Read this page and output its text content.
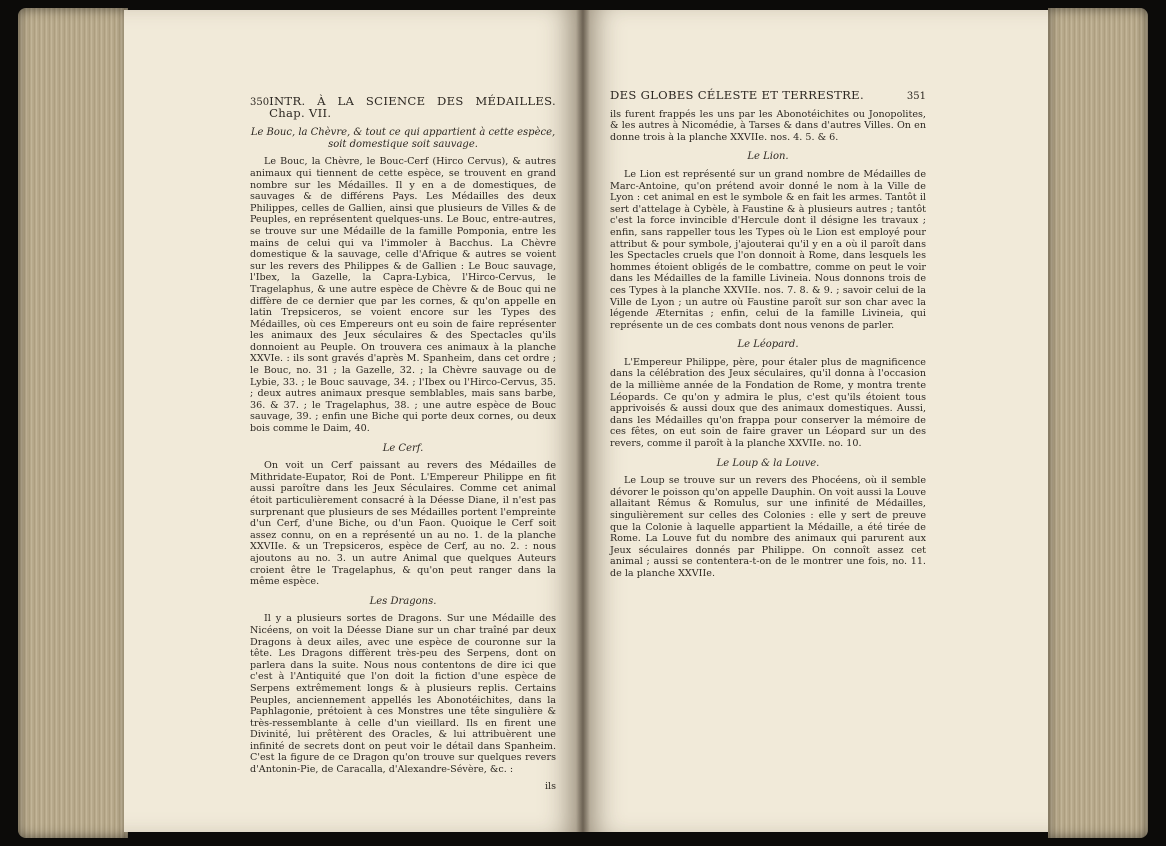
350 INTR. À LA SCIENCE DES MÉDAILLES. Chap. VII.
Le Bouc, la Chèvre, & tout ce qui appartient à cette espèce, soit domestique soit sauvage.

Le Bouc, la Chèvre, le Bouc-Cerf (Hirco Cervus), & autres animaux qui tiennent de cette espèce, se trouvent en grand nombre sur les Médailles. Il y en a de domestiques, de sauvages & de différens Pays. Les Médailles des deux Philippes, celles de Gallien, ainsi que plusieurs de Villes & de Peuples, en représentent quelques-uns. Le Bouc, entre-autres, se trouve sur une Médaille de la famille Pomponia, entre les mains de celui qui va l'immoler à Bacchus. La Chèvre domestique & la sauvage, celle d'Afrique & autres se voient sur les revers des Philippes & de Gallien : Le Bouc sauvage, l'Ibex, la Gazelle, la Capra-Lybica, l'Hirco-Cervus, le Tragelaphus, & une autre espèce de Chèvre & de Bouc qui ne diffère de ce dernier que par les cornes, & qu'on appelle en latin Trepsiceros, se voient encore sur les Types des Médailles, où ces Empereurs ont eu soin de faire représenter les animaux des Jeux séculaires & des Spectacles qu'ils donnoient au Peuple. On trouvera ces animaux à la planche XXVIe. : ils sont gravés d'après M. Spanheim, dans cet ordre ; le Bouc, no. 31 ; la Gazelle, 32. ; la Chèvre sauvage ou de Lybie, 33. ; le Bouc sauvage, 34. ; l'Ibex ou l'Hirco-Cervus, 35. ; deux autres animaux presque semblables, mais sans barbe, 36. & 37. ; le Tragelaphus, 38. ; une autre espèce de Bouc sauvage, 39. ; enfin une Biche qui porte deux cornes, ou deux bois comme le Daim, 40.

Le Cerf.

On voit un Cerf paissant au revers des Médailles de Mithridate-Eupator, Roi de Pont. L'Empereur Philippe en fit aussi paroître dans les Jeux Séculaires. Comme cet animal étoit particulièrement consacré à la Déesse Diane, il n'est pas surprenant que plusieurs de ses Médailles portent l'empreinte d'un Cerf, d'une Biche, ou d'un Faon. Quoique le Cerf soit assez connu, on en a représenté un au no. 1. de la planche XXVIIe. & un Trepsiceros, espèce de Cerf, au no. 2. : nous ajoutons au no. 3. un autre Animal que quelques Auteurs croient être le Tragelaphus, & qu'on peut ranger dans la même espèce.

Les Dragons.

Il y a plusieurs sortes de Dragons. Sur une Médaille des Nicéens, on voit la Déesse Diane sur un char traîné par deux Dragons à deux ailes, avec une espèce de couronne sur la tête. Les Dragons diffèrent très-peu des Serpens, dont on parlera dans la suite. Nous nous contentons de dire ici que c'est à l'Antiquité que l'on doit la fiction d'une espèce de Serpens extrêmement longs & à plusieurs replis. Certains Peuples, anciennement appellés les Abonotéichites, dans la Paphlagonie, prétoient à ces Monstres une tête singulière & très-ressemblante à celle d'un vieillard. Ils en firent une Divinité, lui prêtèrent des Oracles, & lui attribuèrent une infinité de secrets dont on peut voir le détail dans Spanheim. C'est la figure de ce Dragon qu'on trouve sur quelques revers d'Antonin-Pie, de Caracalla, d'Alexandre-Sévère, &c. :

ils

DES GLOBES CÉLESTE ET TERRESTRE.	351

ils furent frappés les uns par les Abonotéichites ou Jonopolites, & les autres à Nicomédie, à Tarses & dans d'autres Villes. On en donne trois à la planche XXVIIe. nos. 4. 5. & 6.

Le Lion.

Le Lion est représenté sur un grand nombre de Médailles de Marc-Antoine, qu'on prétend avoir donné le nom à la Ville de Lyon : cet animal en est le symbole & en fait les armes. Tantôt il sert d'attelage à Cybèle, à Faustine & à plusieurs autres ; tantôt c'est la force invincible d'Hercule dont il désigne les travaux ; enfin, sans rappeller tous les Types où le Lion est employé pour attribut & pour symbole, j'ajouterai qu'il y en a où il paroît dans les Spectacles cruels que l'on donnoit à Rome, dans lesquels les hommes étoient obligés de le combattre, comme on peut le voir dans les Médailles de la famille Livineia. Nous donnons trois de ces Types à la planche XXVIIe. nos. 7. 8. & 9. ; savoir celui de la Ville de Lyon ; un autre où Faustine paroît sur son char avec la légende Æternitas ; enfin, celui de la famille Livineia, qui représente un de ces combats dont nous venons de parler.

Le Léopard.

L'Empereur Philippe, père, pour étaler plus de magnificence dans la célébration des Jeux séculaires, qu'il donna à l'occasion de la millième année de la Fondation de Rome, y montra trente Léopards. Ce qu'on y admira le plus, c'est qu'ils étoient tous apprivoisés & aussi doux que des animaux domestiques. Aussi, dans les Médailles qu'on frappa pour conserver la mémoire de ces fêtes, on eut soin de faire graver un Léopard sur un des revers, comme il paroît à la planche XXVIIe. no. 10.

Le Loup & la Louve.

Le Loup se trouve sur un revers des Phocéens, où il semble dévorer le poisson qu'on appelle Dauphin. On voit aussi la Louve allaitant Rémus & Romulus, sur une infinité de Médailles, singulièrement sur celles des Colonies : elle y sert de preuve que la Colonie à laquelle appartient la Médaille, a été tirée de Rome. La Louve fut du nombre des animaux qui parurent aux Jeux séculaires donnés par Philippe. On connoît assez cet animal ; aussi se contentera-t-on de le montrer une fois, no. 11. de la planche XXVIIe.
